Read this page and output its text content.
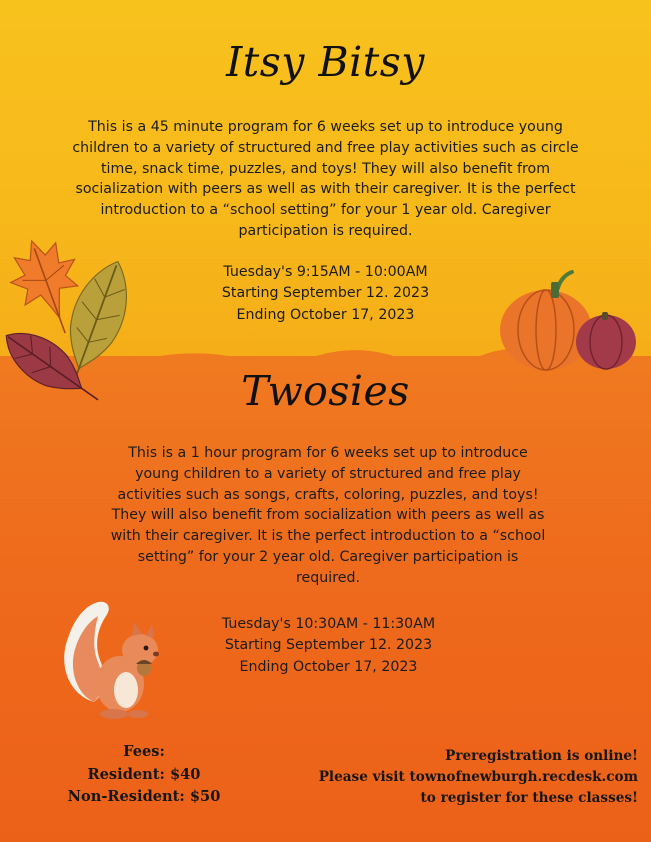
Itsy Bitsy

This is a 45 minute program for 6 weeks set up to introduce young

children to a variety of structured and free play activities such as circle

time, snack time, puzzles, and toys! They will also benefit from

socialization with peers as well as with their caregiver. It is the perfect

introduction to a “school setting” for your 1 year old. Caregiver

participation is required.

Tuesday's 9:15AM - 10:00AM

Starting September 12. 2023

Ending October 17, 2023

Twosies

This is a 1 hour program for 6 weeks set up to introduce

young children to a variety of structured and free play

activities such as songs, crafts, coloring, puzzles, and toys!

They will also benefit from socialization with peers as well as

with their caregiver. It is the perfect introduction to a “school

setting” for your 2 year old. Caregiver participation is

required.

Tuesday's 10:30AM - 11:30AM

Starting September 12. 2023

Ending October 17, 2023

Fees:

Resident: $40

Non-Resident: $50

Preregistration is online!

Please visit townofnewburgh.recdesk.com

to register for these classes!
